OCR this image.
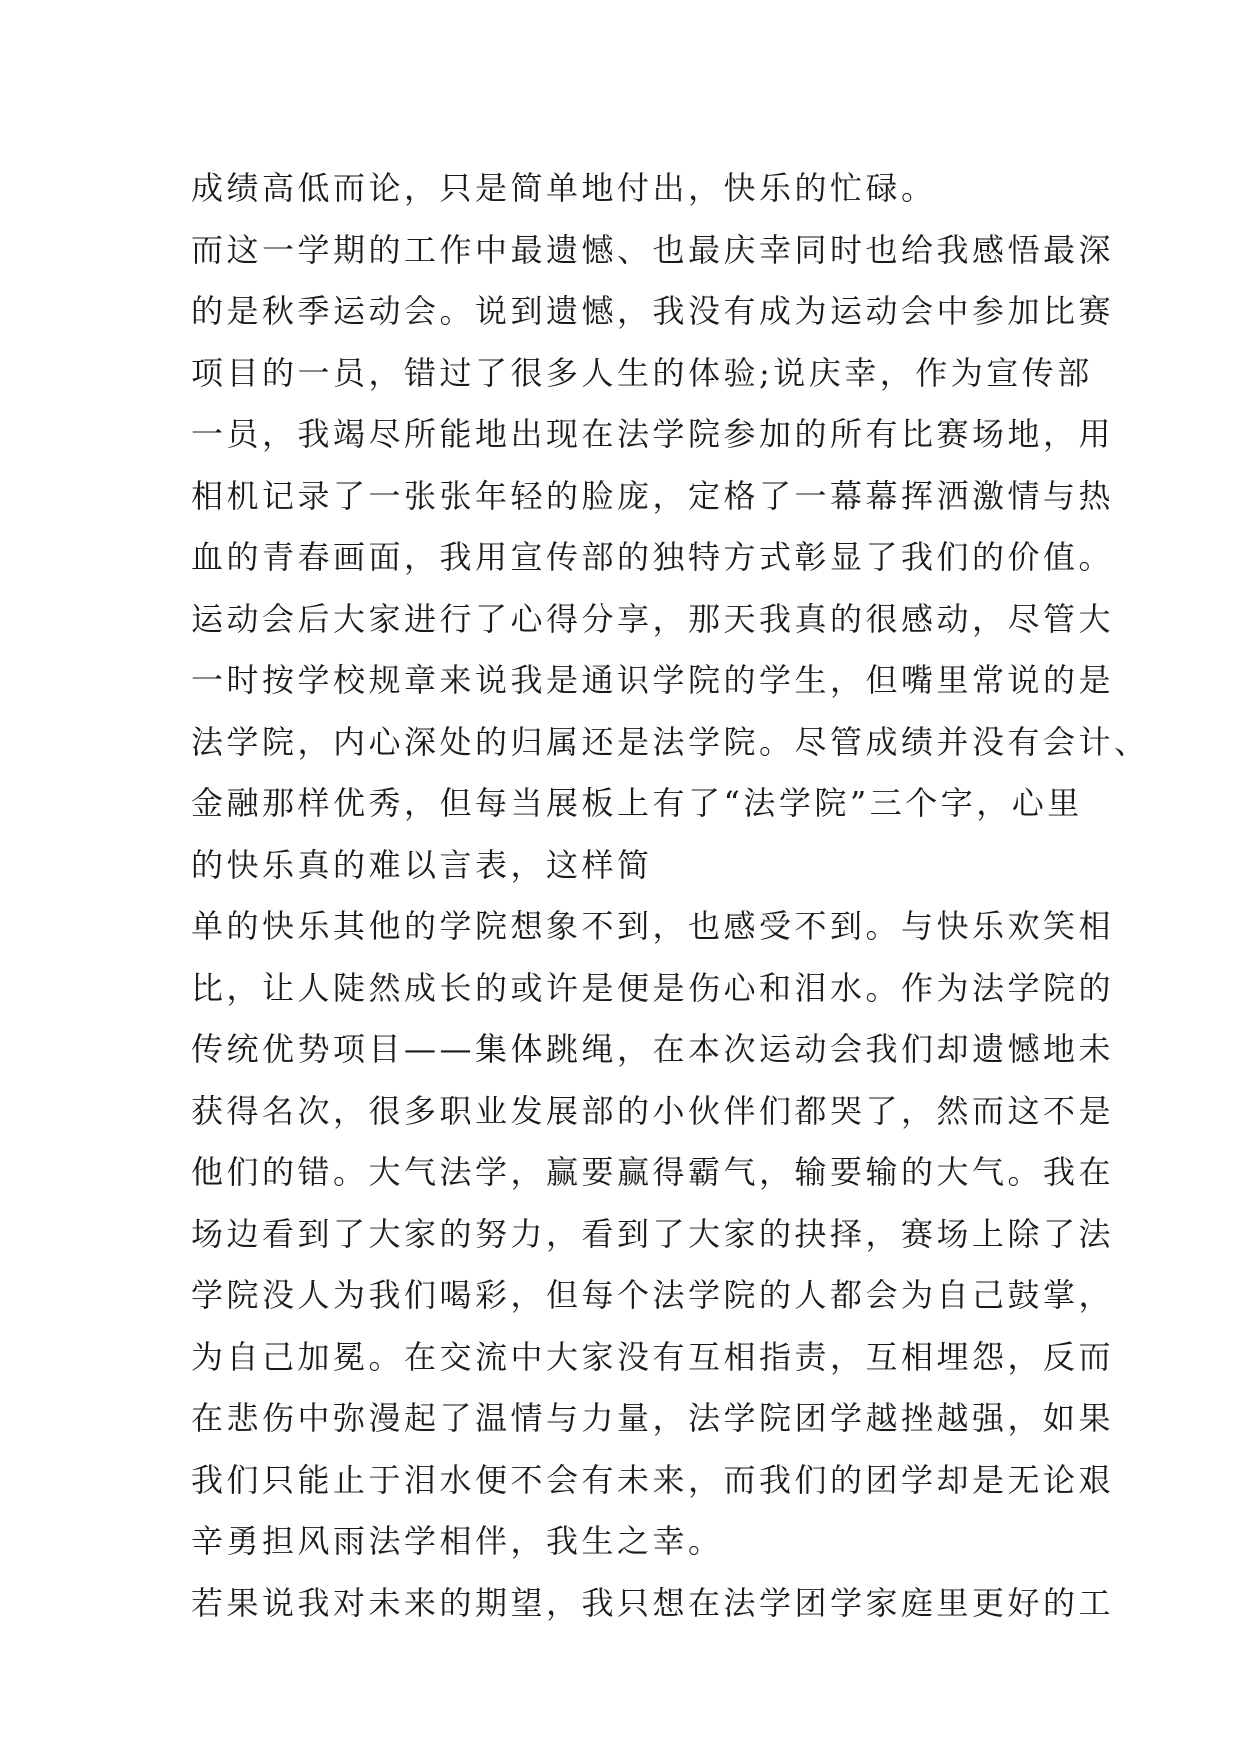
成绩高低而论，只是简单地付出，快乐的忙碌。
而这一学期的工作中最遗憾、也最庆幸同时也给我感悟最深
的是秋季运动会。说到遗憾，我没有成为运动会中参加比赛
项目的一员，错过了很多人生的体验;说庆幸，作为宣传部
一员，我竭尽所能地出现在法学院参加的所有比赛场地，用
相机记录了一张张年轻的脸庞，定格了一幕幕挥洒激情与热
血的青春画面，我用宣传部的独特方式彰显了我们的价值。
运动会后大家进行了心得分享，那天我真的很感动，尽管大
一时按学校规章来说我是通识学院的学生，但嘴里常说的是
法学院，内心深处的归属还是法学院。尽管成绩并没有会计、
金融那样优秀，但每当展板上有了“法学院”三个字，心里
的快乐真的难以言表，这样简
单的快乐其他的学院想象不到，也感受不到。与快乐欢笑相
比，让人陡然成长的或许是便是伤心和泪水。作为法学院的
传统优势项目——集体跳绳，在本次运动会我们却遗憾地未
获得名次，很多职业发展部的小伙伴们都哭了，然而这不是
他们的错。大气法学，赢要赢得霸气，输要输的大气。我在
场边看到了大家的努力，看到了大家的抉择，赛场上除了法
学院没人为我们喝彩，但每个法学院的人都会为自己鼓掌，
为自己加冕。在交流中大家没有互相指责，互相埋怨，反而
在悲伤中弥漫起了温情与力量，法学院团学越挫越强，如果
我们只能止于泪水便不会有未来，而我们的团学却是无论艰
辛勇担风雨法学相伴，我生之幸。
若果说我对未来的期望，我只想在法学团学家庭里更好的工
